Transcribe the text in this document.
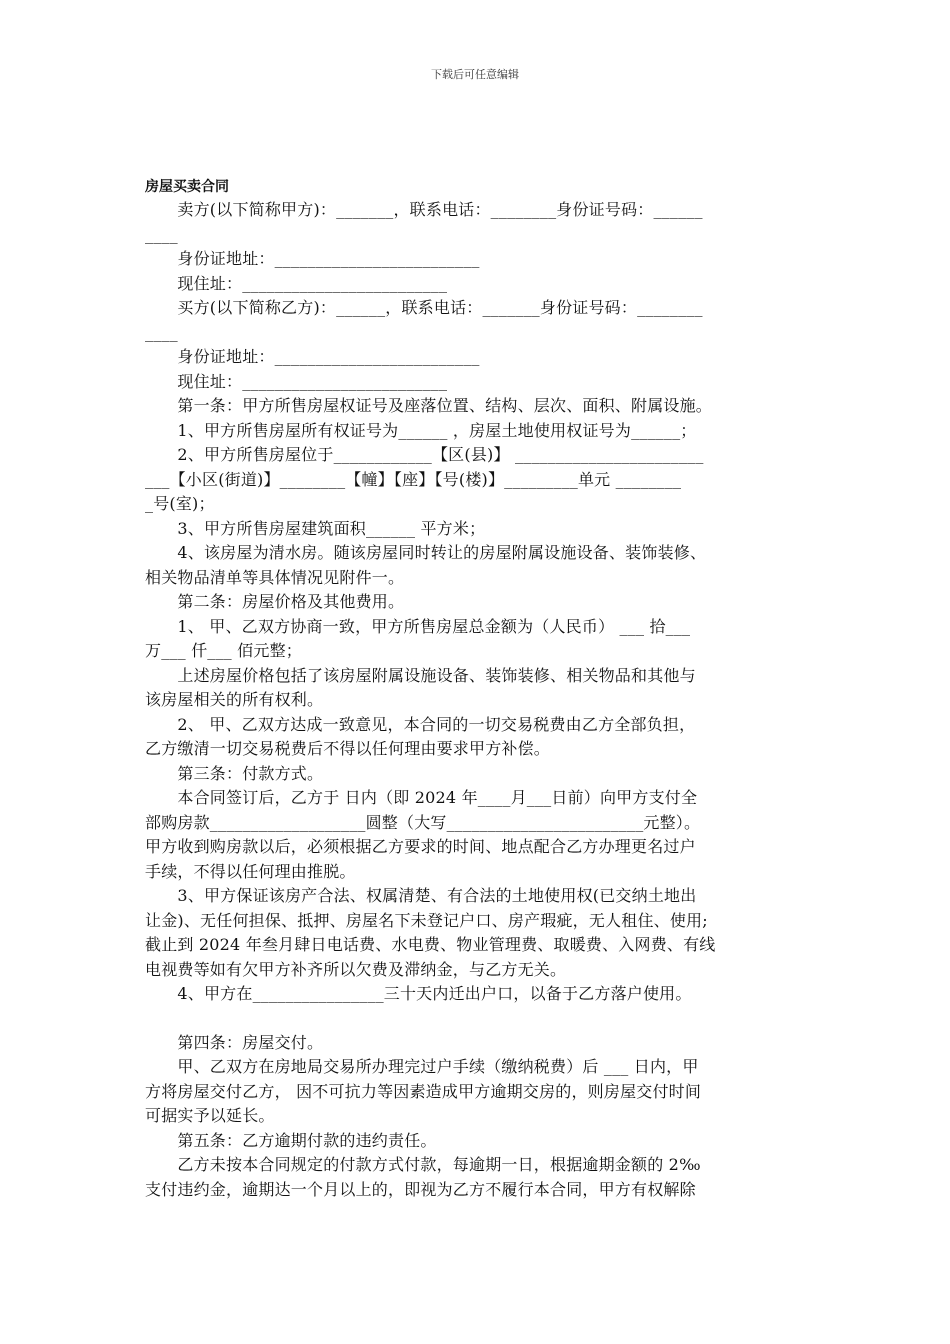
下载后可任意编辑
房屋买卖合同
　　卖方(以下简称甲方)：_______，联系电话：________身份证号码：______
____
　　身份证地址：_________________________
　　现住址：_________________________
　　买方(以下简称乙方)：______，联系电话：_______身份证号码：________
____
　　身份证地址：_________________________
　　现住址：_________________________
　　第一条：甲方所售房屋权证号及座落位置、结构、层次、面积、附属设施。
　　1、甲方所售房屋所有权证号为______ ，房屋土地使用权证号为______；
　　2、甲方所售房屋位于____________【区(县)】 _______________________
___【小区(街道)】________【幢】【座】【号(楼)】_________单元 ________
_号(室)；
　　3、甲方所售房屋建筑面积______ 平方米；
　　4、该房屋为清水房。随该房屋同时转让的房屋附属设施设备、装饰装修、
相关物品清单等具体情况见附件一。
　　第二条：房屋价格及其他费用。
　　1、 甲、乙双方协商一致，甲方所售房屋总金额为（人民币） ___ 拾___
万___ 仟___ 佰元整；
　　上述房屋价格包括了该房屋附属设施设备、装饰装修、相关物品和其他与
该房屋相关的所有权利。
　　2、 甲、乙双方达成一致意见，本合同的一切交易税费由乙方全部负担，
乙方缴清一切交易税费后不得以任何理由要求甲方补偿。
　　第三条：付款方式。
　　本合同签订后，乙方于 日内（即 2024 年____月___日前）向甲方支付全
部购房款___________________圆整（大写________________________元整）。
甲方收到购房款以后，必须根据乙方要求的时间、地点配合乙方办理更名过户
手续，不得以任何理由推脱。
　　3、甲方保证该房产合法、权属清楚、有合法的土地使用权(已交纳土地出
让金)、无任何担保、抵押、房屋名下未登记户口、房产瑕疵，无人租住、使用;
截止到 2024 年叁月肆日电话费、水电费、物业管理费、取暖费、入网费、有线
电视费等如有欠甲方补齐所以欠费及滞纳金，与乙方无关。
　　4、甲方在________________三十天内迁出户口，以备于乙方落户使用。
　　第四条：房屋交付。
　　甲、乙双方在房地局交易所办理完过户手续（缴纳税费）后 ___ 日内，甲
方将房屋交付乙方， 因不可抗力等因素造成甲方逾期交房的，则房屋交付时间
可据实予以延长。
　　第五条：乙方逾期付款的违约责任。
　　乙方未按本合同规定的付款方式付款，每逾期一日，根据逾期金额的 2‰
支付违约金，逾期达一个月以上的，即视为乙方不履行本合同，甲方有权解除
